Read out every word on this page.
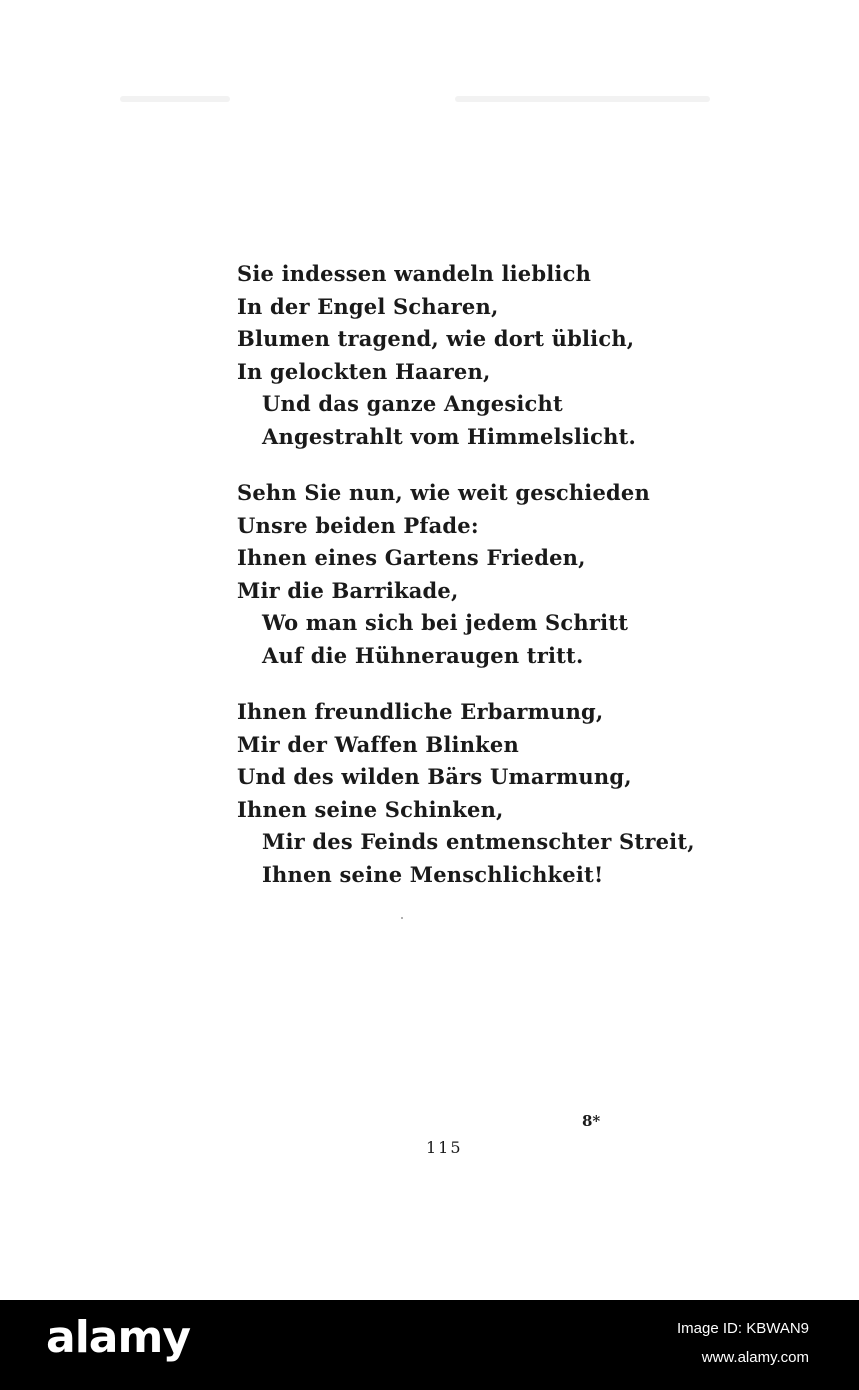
Sie indessen wandeln lieblich
In der Engel Scharen,
Blumen tragend, wie dort üblich,
In gelockten Haaren,
Und das ganze Angesicht
Angestrahlt vom Himmelslicht.
Sehn Sie nun, wie weit geschieden
Unsre beiden Pfade:
Ihnen eines Gartens Frieden,
Mir die Barrikade,
Wo man sich bei jedem Schritt
Auf die Hühneraugen tritt.
Ihnen freundliche Erbarmung,
Mir der Waffen Blinken
Und des wilden Bärs Umarmung,
Ihnen seine Schinken,
Mir des Feinds entmenschter Streit,
Ihnen seine Menschlichkeit!
8*
115
alamy	Image ID: KBWAN9
www.alamy.com
